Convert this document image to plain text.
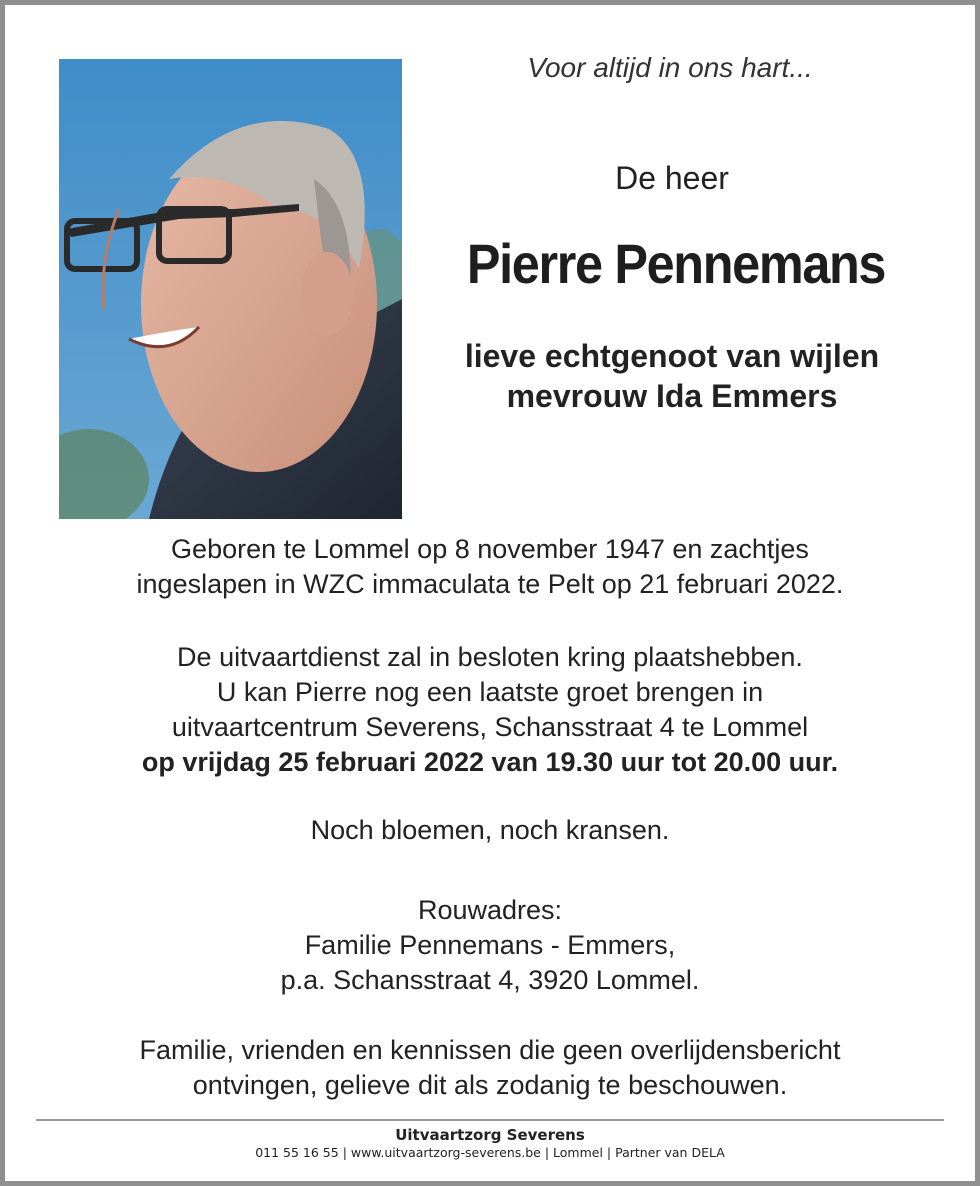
Voor altijd in ons hart...
De heer
Pierre Pennemans
lieve echtgenoot van wijlen
mevrouw Ida Emmers
Geboren te Lommel op 8 november 1947 en zachtjes
ingeslapen in WZC immaculata te Pelt op 21 februari 2022.
De uitvaartdienst zal in besloten kring plaatshebben.
U kan Pierre nog een laatste groet brengen in
uitvaartcentrum Severens, Schansstraat 4 te Lommel
op vrijdag 25 februari 2022 van 19.30 uur tot 20.00 uur.
Noch bloemen, noch kransen.
Rouwadres:
Familie Pennemans - Emmers,
p.a. Schansstraat 4, 3920 Lommel.
Familie, vrienden en kennissen die geen overlijdensbericht
ontvingen, gelieve dit als zodanig te beschouwen.
Uitvaartzorg Severens
011 55 16 55 | www.uitvaartzorg-severens.be | Lommel | Partner van DELA
